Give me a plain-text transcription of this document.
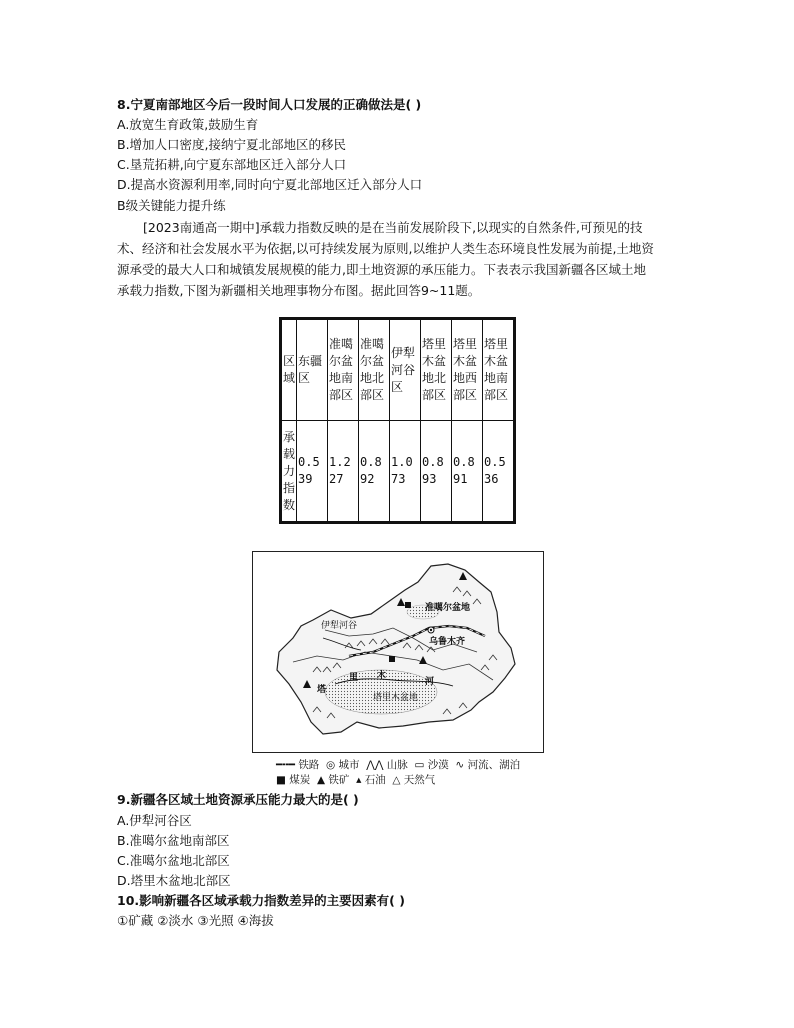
8.宁夏南部地区今后一段时间人口发展的正确做法是( )
A.放宽生育政策,鼓励生育
B.增加人口密度,接纳宁夏北部地区的移民
C.垦荒拓耕,向宁夏东部地区迁入部分人口
D.提高水资源利用率,同时向宁夏北部地区迁入部分人口
B级关键能力提升练
[2023南通高一期中]承载力指数反映的是在当前发展阶段下,以现实的自然条件,可预见的技术、经济和社会发展水平为依据,以可持续发展为原则,以维护人类生态环境良性发展为前提,土地资源承受的最大人口和城镇发展规模的能力,即土地资源的承压能力。下表表示我国新疆各区域土地承载力指数,下图为新疆相关地理事物分布图。据此回答9~11题。
区域	东疆区	准噶尔盆地南部区	准噶尔盆地北部区	伊犁河谷区	塔里木盆地北部区	塔里木盆地西部区	塔里木盆地南部区
承载力指数	0.539	1.227	0.892	1.073	0.893	0.891	0.536
准噶尔盆地
乌鲁木齐
伊犁河谷
塔里木盆地
塔
里 木
河
━╍━ 铁路 ◎ 城市 ⋀⋀ 山脉 ▭ 沙漠 ∿ 河流、湖泊
■ 煤炭 ▲ 铁矿 ▴ 石油 △ 天然气
9.新疆各区域土地资源承压能力最大的是( )
A.伊犁河谷区
B.准噶尔盆地南部区
C.准噶尔盆地北部区
D.塔里木盆地北部区
10.影响新疆各区域承载力指数差异的主要因素有( )
①矿藏 ②淡水 ③光照 ④海拔
